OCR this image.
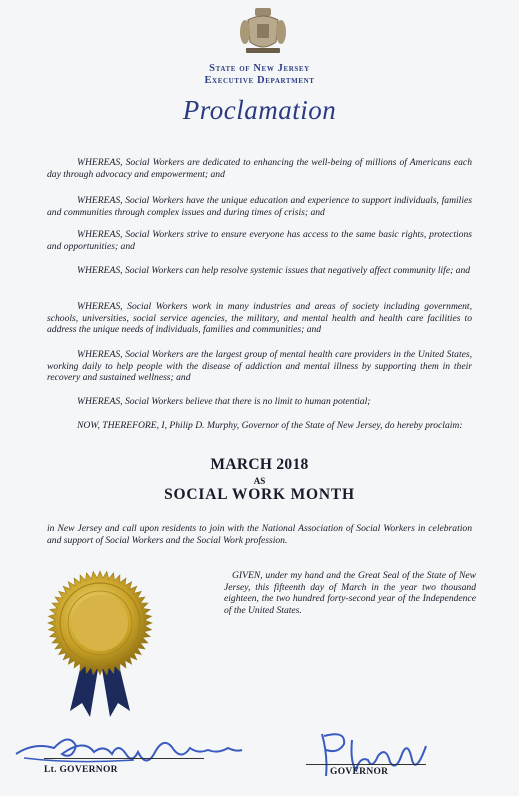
State of New Jersey
Executive Department
Proclamation
WHEREAS, Social Workers are dedicated to enhancing the well-being of millions of Americans each day through advocacy and empowerment; and
WHEREAS, Social Workers have the unique education and experience to support individuals, families and communities through complex issues and during times of crisis; and
WHEREAS, Social Workers strive to ensure everyone has access to the same basic rights, protections and opportunities; and
WHEREAS, Social Workers can help resolve systemic issues that negatively affect community life; and
WHEREAS, Social Workers work in many industries and areas of society including government, schools, universities, social service agencies, the military, and mental health and health care facilities to address the unique needs of individuals, families and communities; and
WHEREAS, Social Workers are the largest group of mental health care providers in the United States, working daily to help people with the disease of addiction and mental illness by supporting them in their recovery and sustained wellness; and
WHEREAS, Social Workers believe that there is no limit to human potential;
NOW, THEREFORE, I, Philip D. Murphy, Governor of the State of New Jersey, do hereby proclaim:
MARCH 2018
AS
SOCIAL WORK MONTH
in New Jersey and call upon residents to join with the National Association of Social Workers in celebration and support of Social Workers and the Social Work profession.
GIVEN, under my hand and the Great Seal of the State of New Jersey, this fifteenth day of March in the year two thousand eighteen, the two hundred forty-second year of the Independence of the United States.
Lt. GOVERNOR	GOVERNOR
